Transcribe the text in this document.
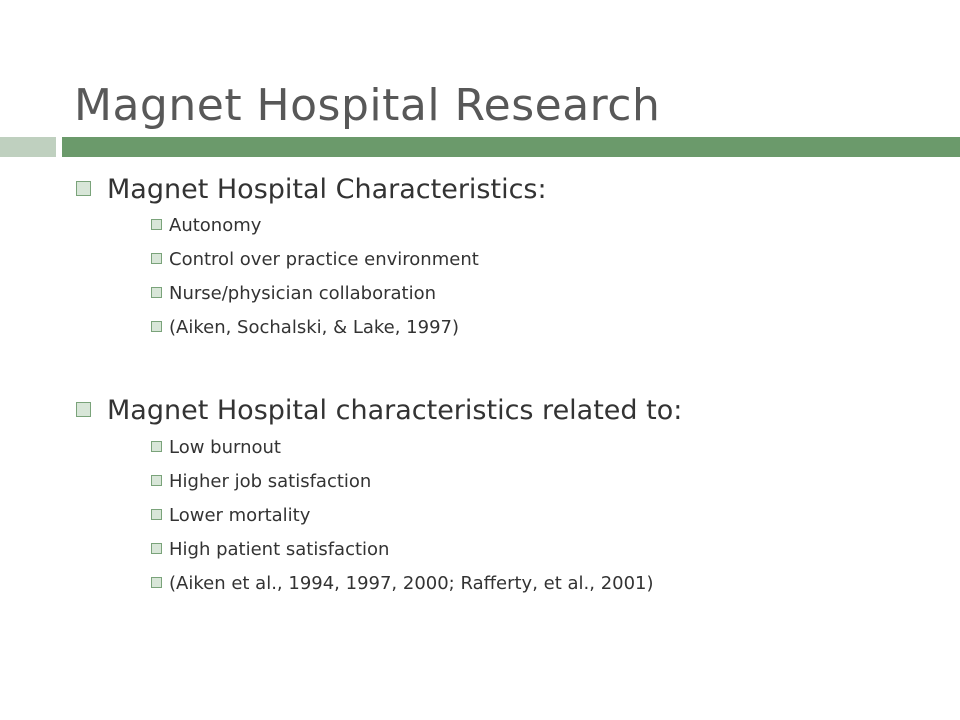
Magnet Hospital Research
Magnet Hospital Characteristics:
Autonomy
Control over practice environment
Nurse/physician collaboration
(Aiken, Sochalski, & Lake, 1997)
Magnet Hospital characteristics related to:
Low burnout
Higher job satisfaction
Lower mortality
High patient satisfaction
(Aiken et al., 1994, 1997, 2000; Rafferty, et al., 2001)
